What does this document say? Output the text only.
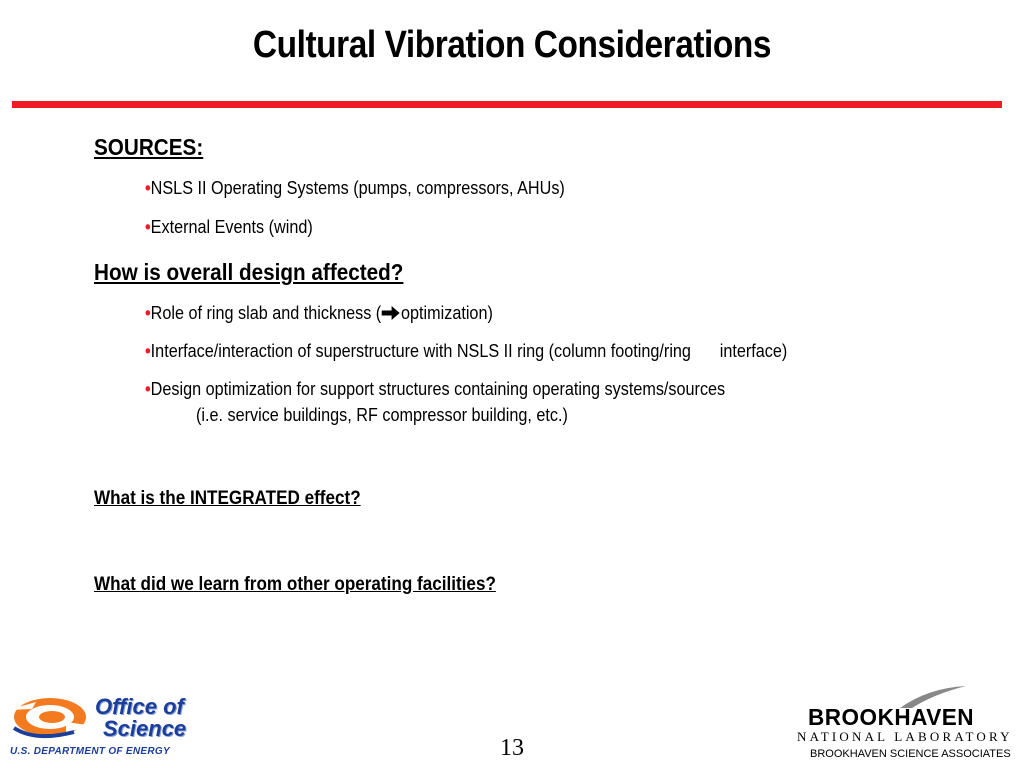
Cultural Vibration Considerations
SOURCES:
•NSLS II Operating Systems (pumps, compressors, AHUs)
•External Events (wind)
How is overall design affected?
•Role of ring slab and thickness ( optimization)
•Interface/interaction of superstructure with NSLS II ring (column footing/ring interface)
•Design optimization for support structures containing operating systems/sources
(i.e. service buildings, RF compressor building, etc.)
What is the INTEGRATED effect?
What did we learn from other operating facilities?
13
Office of
Science
U.S. DEPARTMENT OF ENERGY
BROOKHAVEN
NATIONAL LABORATORY
BROOKHAVEN SCIENCE ASSOCIATES
